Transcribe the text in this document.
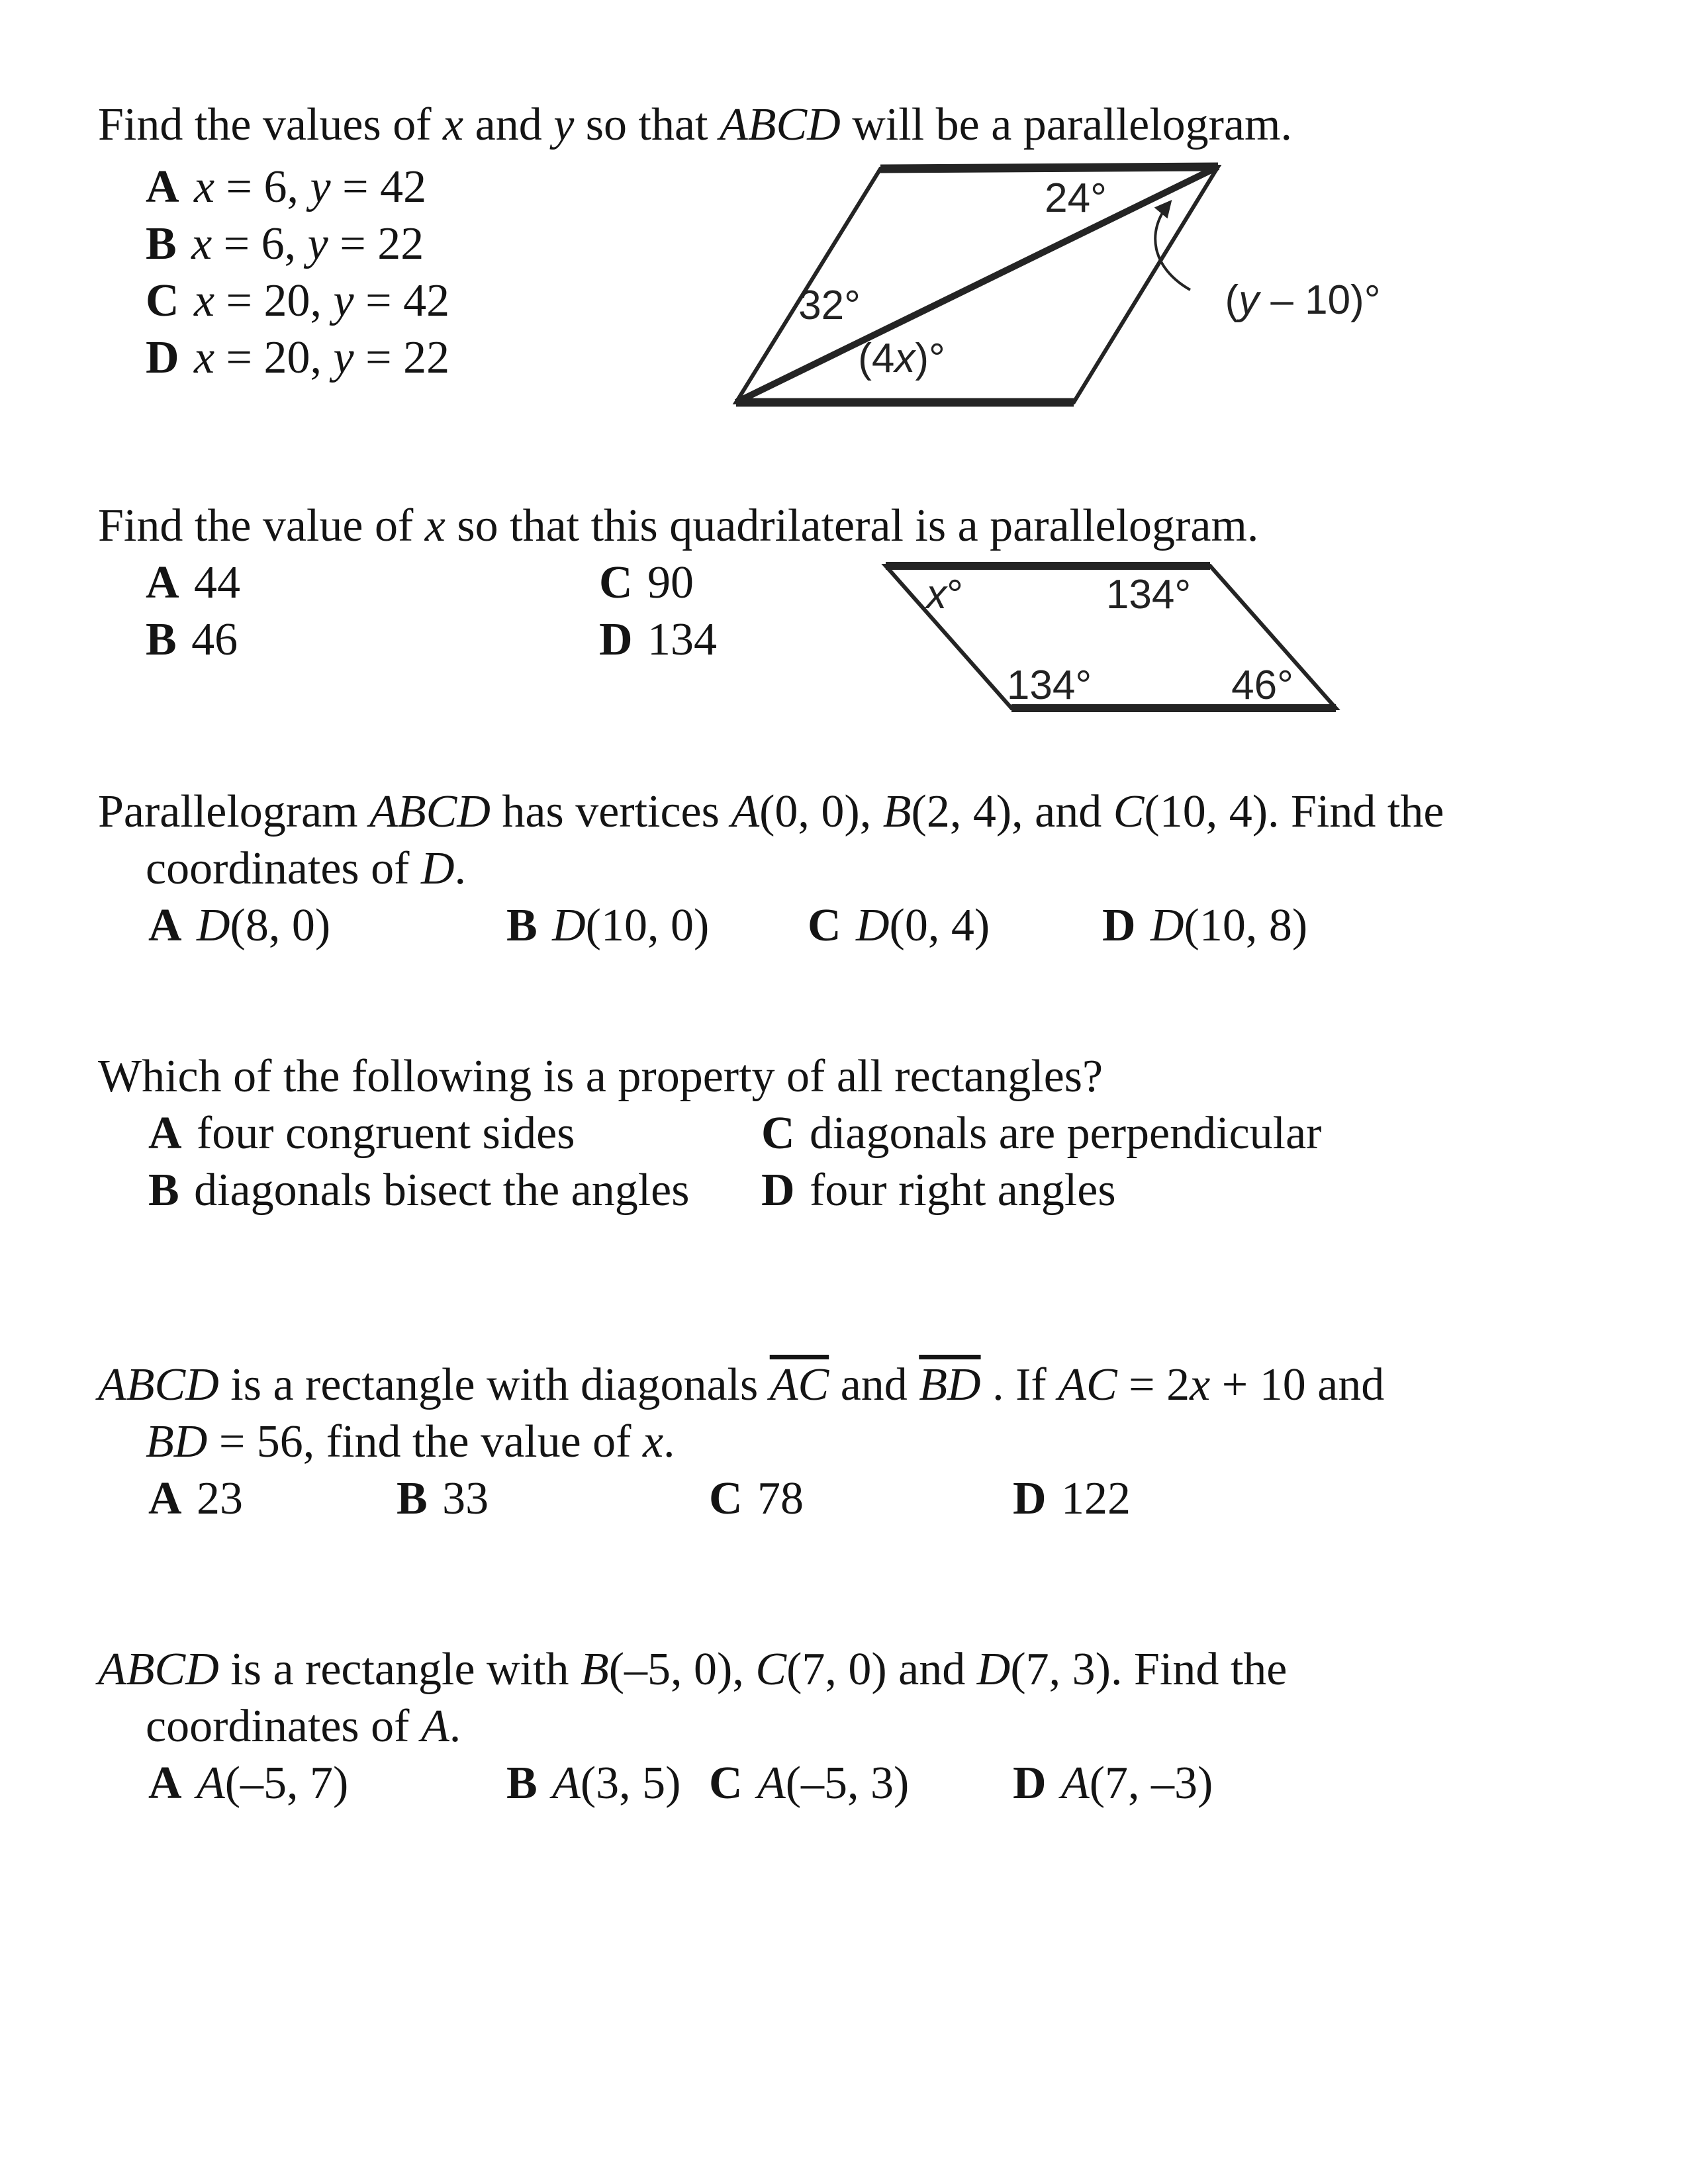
Find the values of x and y so that ABCD will be a parallelogram.
A x = 6, y = 42
B x = 6, y = 22
C x = 20, y = 42
D x = 20, y = 22
24°
32°
(4x)°
(y – 10)°
Find the value of x so that this quadrilateral is a parallelogram.
A 44
B 46
C 90
D 134
x°	134°
134°	46°
Parallelogram ABCD has vertices A(0, 0), B(2, 4), and C(10, 4). Find the
coordinates of D.
A D(8, 0)	B D(10, 0) C D(0, 4) D D(10, 8)
Which of the following is a property of all rectangles?
A four congruent sides
B diagonals bisect the angles
C diagonals are perpendicular
D four right angles
ABCD is a rectangle with diagonals $\overline{AC}$ and $\overline{BD}$ . If AC = 2x + 10 and
BD = 56, find the value of x.
A 23	B 33	C 78	D 122
ABCD is a rectangle with B(–5, 0), C(7, 0) and D(7, 3). Find the
coordinates of A.
A A(–5, 7)	B A(3, 5) C A(–5, 3) D A(7, –3)
